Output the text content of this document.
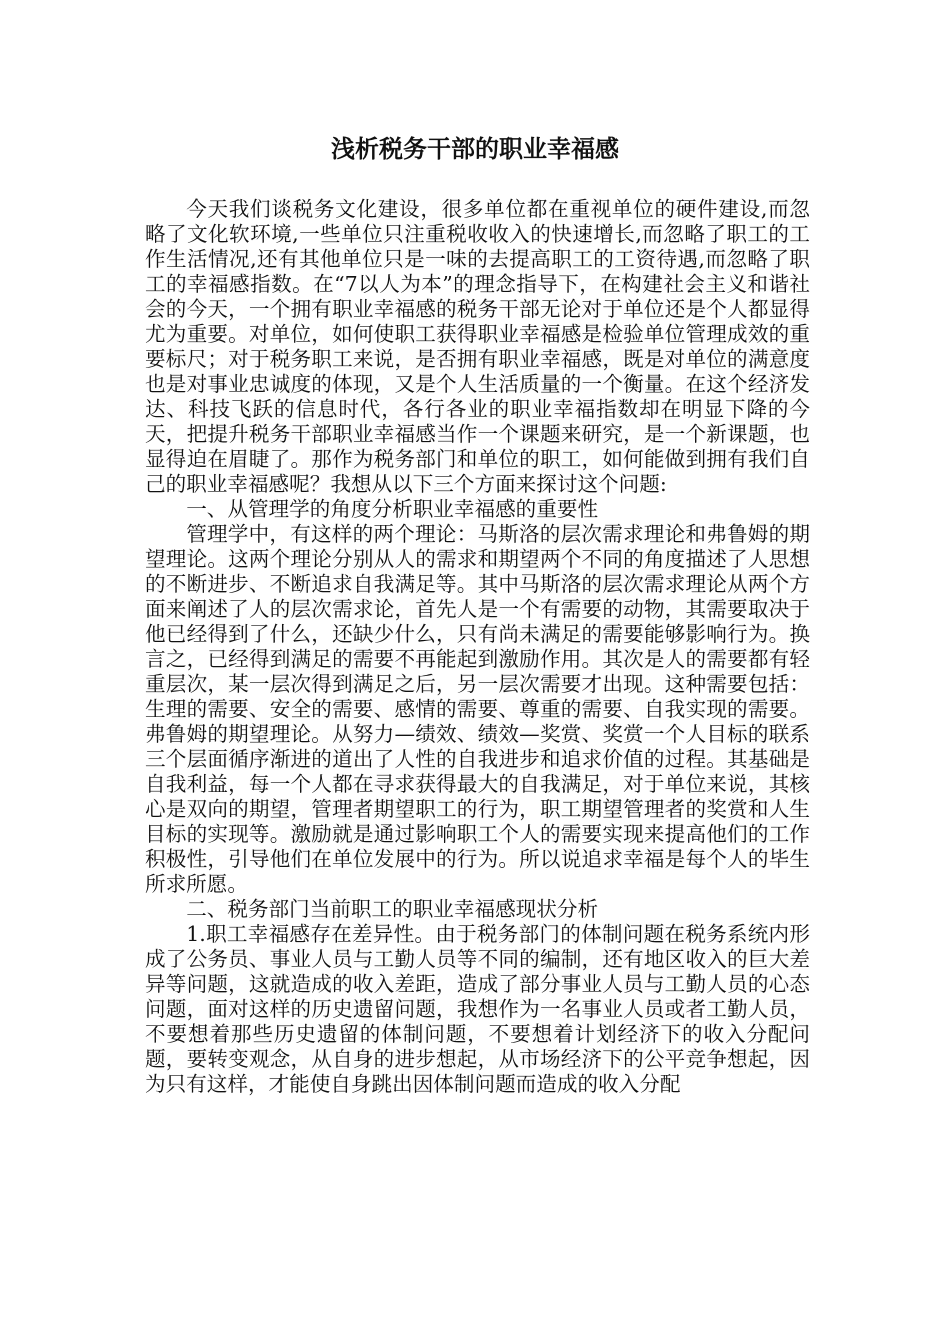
浅析税务干部的职业幸福感

今天我们谈税务文化建设，很多单位都在重视单位的硬件建设,而忽略了文化软环境,一些单位只注重税收收入的快速增长,而忽略了职工的工作生活情况,还有其他单位只是一味的去提高职工的工资待遇,而忽略了职工的幸福感指数。在“7以人为本”的理念指导下，在构建社会主义和谐社会的今天，一个拥有职业幸福感的税务干部无论对于单位还是个人都显得尤为重要。对单位，如何使职工获得职业幸福感是检验单位管理成效的重要标尺；对于税务职工来说，是否拥有职业幸福感，既是对单位的满意度也是对事业忠诚度的体现，又是个人生活质量的一个衡量。在这个经济发达、科技飞跃的信息时代，各行各业的职业幸福指数却在明显下降的今天，把提升税务干部职业幸福感当作一个课题来研究，是一个新课题，也显得迫在眉睫了。那作为税务部门和单位的职工，如何能做到拥有我们自己的职业幸福感呢？我想从以下三个方面来探讨这个问题:

一、从管理学的角度分析职业幸福感的重要性

管理学中，有这样的两个理论：马斯洛的层次需求理论和弗鲁姆的期望理论。这两个理论分别从人的需求和期望两个不同的角度描述了人思想的不断进步、不断追求自我满足等。其中马斯洛的层次需求理论从两个方面来阐述了人的层次需求论，首先人是一个有需要的动物，其需要取决于他已经得到了什么，还缺少什么，只有尚未满足的需要能够影响行为。换言之，已经得到满足的需要不再能起到激励作用。其次是人的需要都有轻重层次，某一层次得到满足之后，另一层次需要才出现。这种需要包括：生理的需要、安全的需要、感情的需要、尊重的需要、自我实现的需要。弗鲁姆的期望理论。从努力—绩效、绩效—奖赏、奖赏一个人目标的联系三个层面循序渐进的道出了人性的自我进步和追求价值的过程。其基础是自我利益，每一个人都在寻求获得最大的自我满足，对于单位来说，其核心是双向的期望，管理者期望职工的行为，职工期望管理者的奖赏和人生目标的实现等。激励就是通过影响职工个人的需要实现来提高他们的工作积极性，引导他们在单位发展中的行为。所以说追求幸福是每个人的毕生所求所愿。

二、税务部门当前职工的职业幸福感现状分析

1.职工幸福感存在差异性。由于税务部门的体制问题在税务系统内形成了公务员、事业人员与工勤人员等不同的编制，还有地区收入的巨大差异等问题，这就造成的收入差距，造成了部分事业人员与工勤人员的心态问题，面对这样的历史遗留问题，我想作为一名事业人员或者工勤人员，不要想着那些历史遗留的体制问题，不要想着计划经济下的收入分配问题，要转变观念，从自身的进步想起，从市场经济下的公平竞争想起，因为只有这样，才能使自身跳出因体制问题而造成的收入分配
